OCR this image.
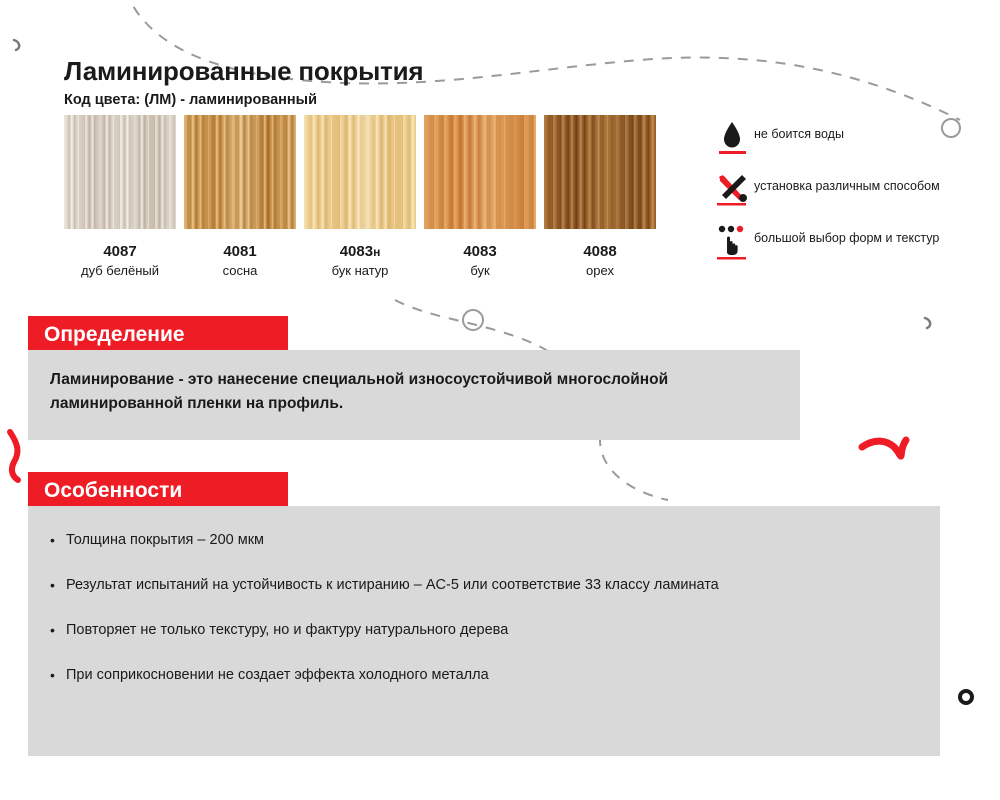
Ламинированные покрытия
Код цвета: (ЛМ) - ламинированный
4087
дуб белёный
4081
сосна
4083н
бук натур
4083
бук
4088
орех
не боится воды
установка различным способом
большой выбор форм и текстур
Определение

Ламинирование - это нанесение специальной износоустойчивой многослойной ламинированной пленки на профиль.

Особенности
• Толщина покрытия – 200 мкм
• Результат испытаний на устойчивость к истиранию – AC-5 или соответствие 33 классу ламината
• Повторяет не только текстуру, но и фактуру натурального дерева
• При соприкосновении не создает эффекта холодного металла
